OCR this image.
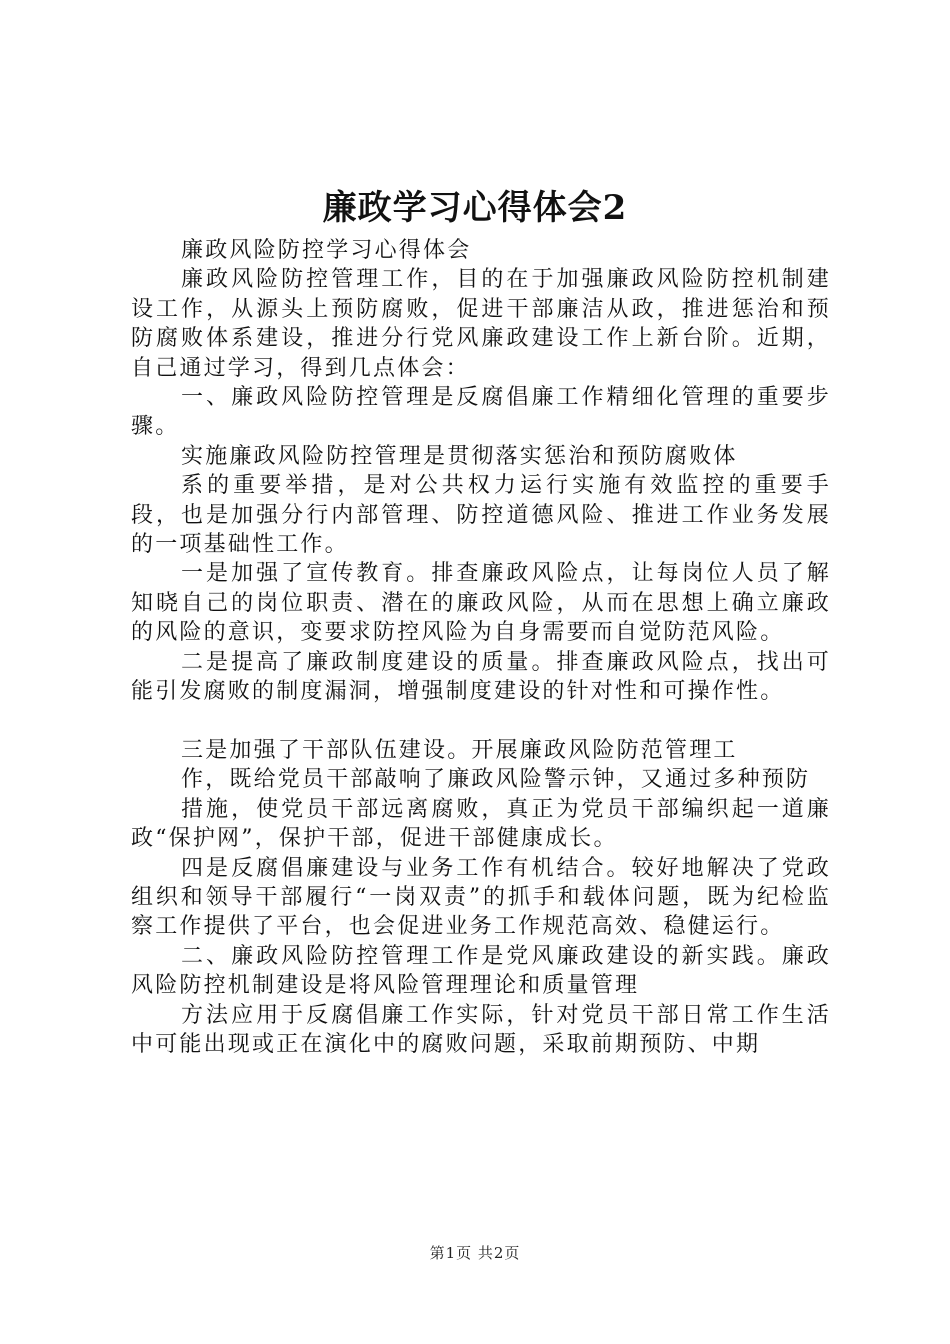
廉政学习心得体会2

廉政风险防控学习心得体会

廉政风险防控管理工作，目的在于加强廉政风险防控机制建设工作，从源头上预防腐败，促进干部廉洁从政，推进惩治和预防腐败体系建设，推进分行党风廉政建设工作上新台阶。近期，自己通过学习，得到几点体会：

一、廉政风险防控管理是反腐倡廉工作精细化管理的重要步骤。

实施廉政风险防控管理是贯彻落实惩治和预防腐败体

系的重要举措，是对公共权力运行实施有效监控的重要手段，也是加强分行内部管理、防控道德风险、推进工作业务发展的一项基础性工作。

一是加强了宣传教育。排查廉政风险点，让每岗位人员了解知晓自己的岗位职责、潜在的廉政风险，从而在思想上确立廉政的风险的意识，变要求防控风险为自身需要而自觉防范风险。

二是提高了廉政制度建设的质量。排查廉政风险点，找出可能引发腐败的制度漏洞，增强制度建设的针对性和可操作性。

三是加强了干部队伍建设。开展廉政风险防范管理工

作，既给党员干部敲响了廉政风险警示钟，又通过多种预防

措施，使党员干部远离腐败，真正为党员干部编织起一道廉政“保护网”，保护干部，促进干部健康成长。

四是反腐倡廉建设与业务工作有机结合。较好地解决了党政组织和领导干部履行“一岗双责”的抓手和载体问题，既为纪检监察工作提供了平台，也会促进业务工作规范高效、稳健运行。

二、廉政风险防控管理工作是党风廉政建设的新实践。廉政风险防控机制建设是将风险管理理论和质量管理

方法应用于反腐倡廉工作实际，针对党员干部日常工作生活中可能出现或正在演化中的腐败问题，采取前期预防、中期

第1页 共2页
